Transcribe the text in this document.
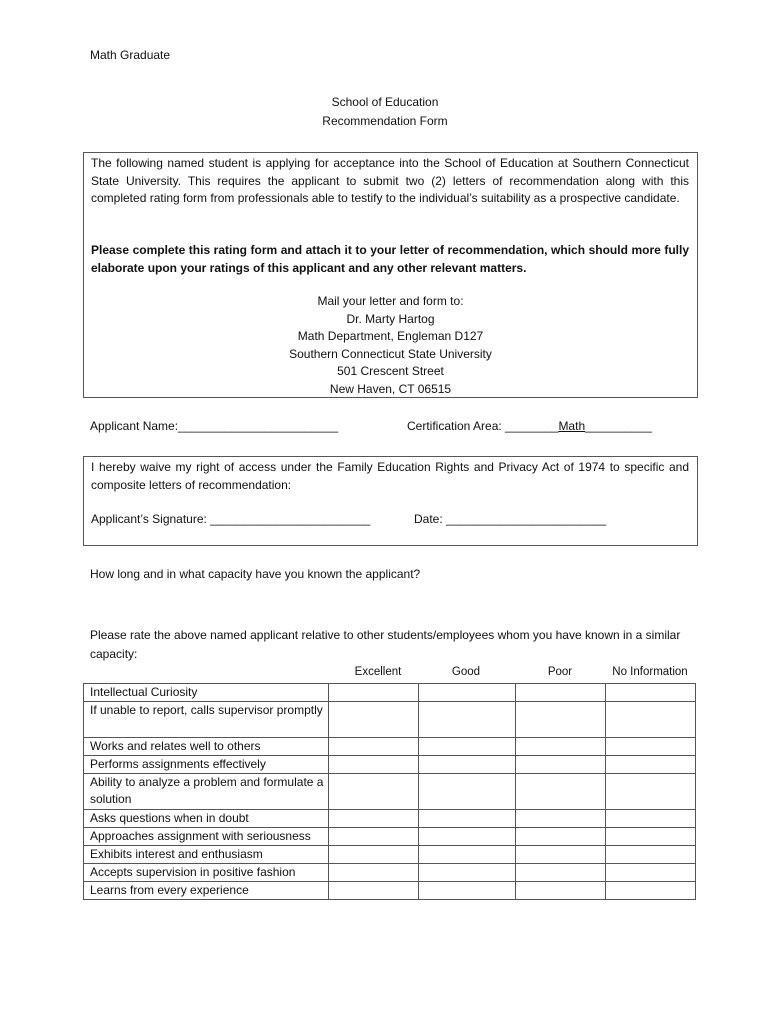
Math Graduate
School of Education
Recommendation Form
The following named student is applying for acceptance into the School of Education at Southern Connecticut State University. This requires the applicant to submit two (2) letters of recommendation along with this completed rating form from professionals able to testify to the individual’s suitability as a prospective candidate.
Please complete this rating form and attach it to your letter of recommendation, which should more fully elaborate upon your ratings of this applicant and any other relevant matters.
Mail your letter and form to:
Dr. Marty Hartog
Math Department, Engleman D127
Southern Connecticut State University
501 Crescent Street
New Haven, CT 06515
Applicant Name:________________________	Certification Area: ________Math__________
I hereby waive my right of access under the Family Education Rights and Privacy Act of 1974 to specific and composite letters of recommendation:
Applicant’s Signature: ________________________	Date: ________________________
How long and in what capacity have you known the applicant?
Please rate the above named applicant relative to other students/employees whom you have known in a similar capacity:
Excellent	Good	Poor	No Information
Intellectual Curiosity				
If unable to report, calls supervisor promptly				
Works and relates well to others				
Performs assignments effectively				
Ability to analyze a problem and formulate a solution				
Asks questions when in doubt				
Approaches assignment with seriousness				
Exhibits interest and enthusiasm				
Accepts supervision in positive fashion				
Learns from every experience				
